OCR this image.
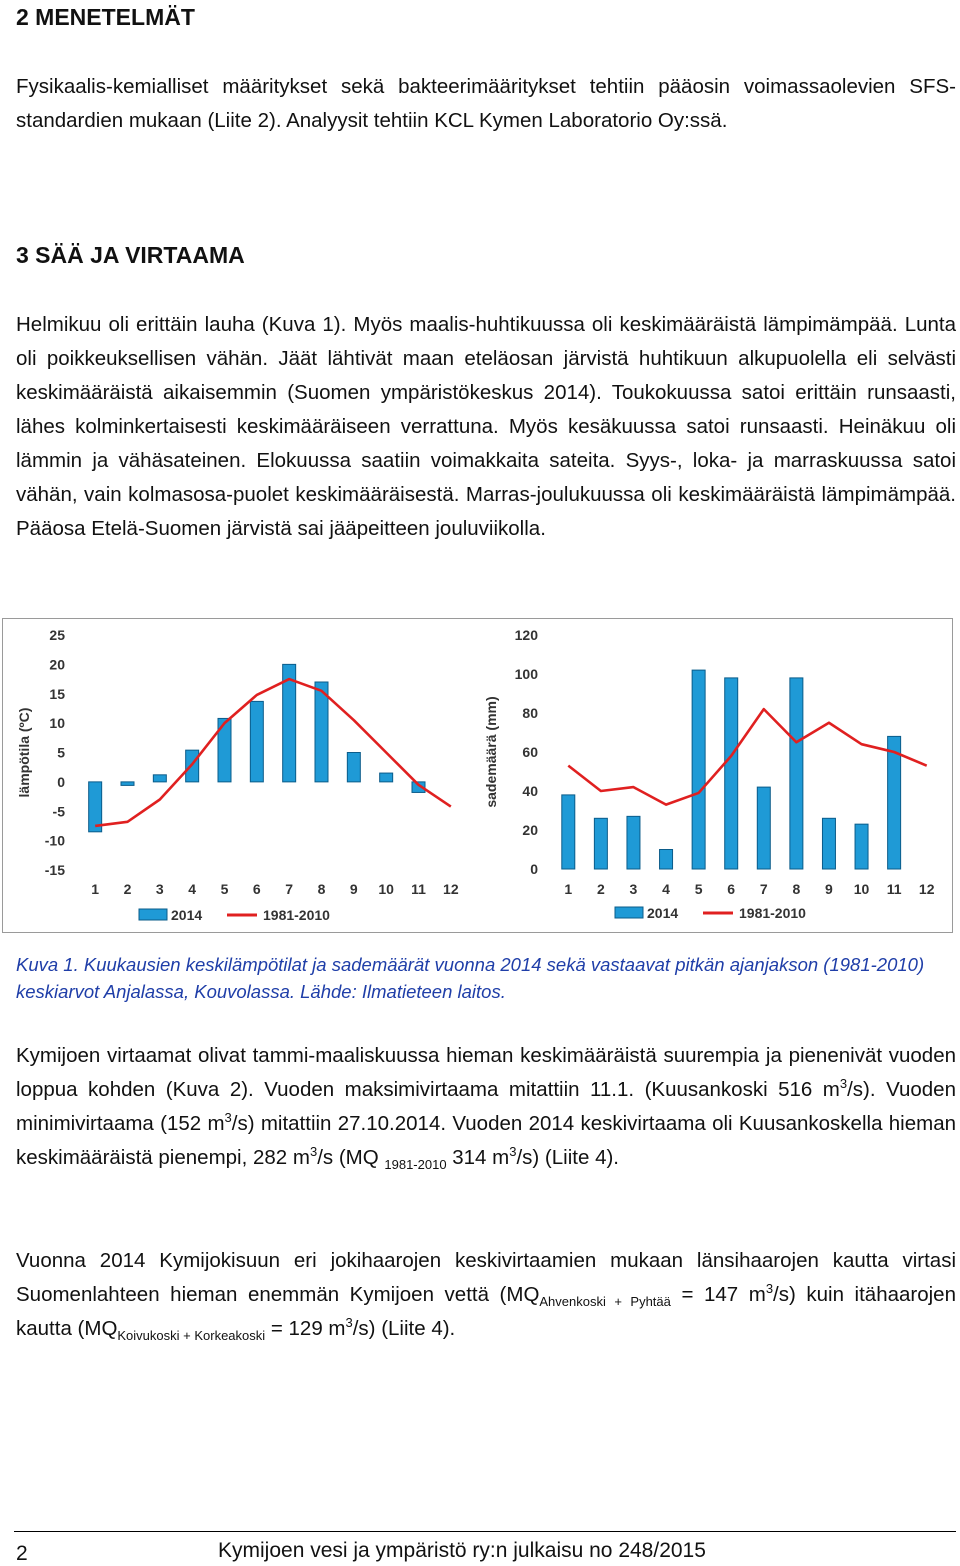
2 MENETELMÄT
Fysikaalis-kemialliset määritykset sekä bakteerimääritykset tehtiin pääosin voimassaolevien SFS-standardien mukaan (Liite 2). Analyysit tehtiin KCL Kymen Laboratorio Oy:ssä.
3 SÄÄ JA VIRTAAMA
Helmikuu oli erittäin lauha (Kuva 1). Myös maalis-huhtikuussa oli keskimääräistä lämpimämpää. Lunta oli poikkeuksellisen vähän. Jäät lähtivät maan eteläosan järvistä huhtikuun alkupuolella eli selvästi keskimääräistä aikaisemmin (Suomen ympäristökeskus 2014). Toukokuussa satoi erittäin runsaasti, lähes kolminkertaisesti keskimääräiseen verrattuna. Myös kesäkuussa satoi runsaasti. Heinäkuu oli lämmin ja vähäsateinen. Elokuussa saatiin voimakkaita sateita. Syys-, loka- ja marraskuussa satoi vähän, vain kolmasosa-puolet keskimääräisestä. Marras-joulukuussa oli keskimääräistä lämpimämpää. Pääosa Etelä-Suomen järvistä sai jääpeitteen jouluviikolla.
25
20
15
10
5
0
-5
-10
-15
lämpötila (ºC)
1 2 3 4 5 6 7 8 9 10 11 12
2014	1981-2010
120
100
80
60
40
20
0
sademäärä (mm)
1 2 3 4 5 6 7 8 9 10 11 12
2014	1981-2010
Kuva 1. Kuukausien keskilämpötilat ja sademäärät vuonna 2014 sekä vastaavat pitkän ajanjakson (1981-2010) keskiarvot Anjalassa, Kouvolassa. Lähde: Ilmatieteen laitos.
Kymijoen virtaamat olivat tammi-maaliskuussa hieman keskimääräistä suurempia ja pienenivät vuoden loppua kohden (Kuva 2). Vuoden maksimivirtaama mitattiin 11.1. (Kuusankoski 516 $m^3/s$). Vuoden minimivirtaama (152 $m^3/s$) mitattiin 27.10.2014. Vuoden 2014 keskivirtaama oli Kuusankoskella hieman keskimääräistä pienempi, 282 $m^3/s$ (MQ $_{1981-2010}$ 314 $m^3/s$) (Liite 4).
Vuonna 2014 Kymijokisuun eri jokihaarojen keskivirtaamien mukaan länsihaarojen kautta virtasi Suomenlahteen hieman enemmän Kymijoen vettä ($MQ_{Ahvenkoski + Pyhtää} = 147$ $m^3/s$) kuin itähaarojen kautta ($MQ_{Koivukoski + Korkeakoski} = 129$ $m^3/s$) (Liite 4).
2	Kymijoen vesi ja ympäristö ry:n julkaisu no 248/2015
